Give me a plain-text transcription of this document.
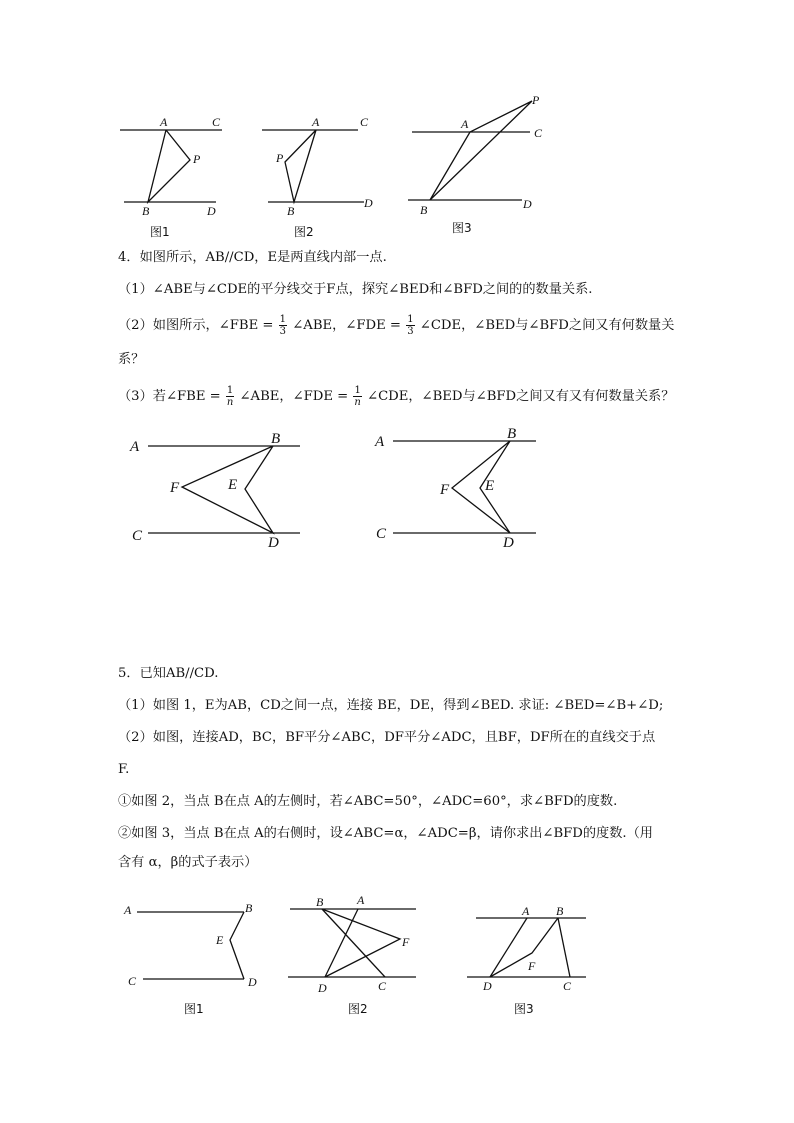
A	C
P
B	D
图1
A	C
P
B
D
图2
A
P
C
B	D
图3
A	B
F	E
C	D
A	B
F E
C
D
A	B
E
C	D
图1
B	A
F
D	C
图2
A B
F
D	C
图3
4．如图所示，AB//CD，E是两直线内部一点.
（1）∠ABE与∠CDE的平分线交于F点，探究∠BED和∠BFD之间的的数量关系.
（2）如图所示，∠FBE = $\frac{1}{3}$ ∠ABE，∠FDE = $\frac{1}{3}$ ∠CDE，∠BED与∠BFD之间又有何数量关
系？
（3）若∠FBE = $\frac{1}{n}$ ∠ABE，∠FDE = $\frac{1}{n}$ ∠CDE，∠BED与∠BFD之间又有又有何数量关系？
5．已知AB//CD.
（1）如图 1，E为AB，CD之间一点，连接 BE，DE，得到∠BED. 求证: ∠BED=∠B+∠D;
（2）如图，连接AD，BC，BF平分∠ABC，DF平分∠ADC，且BF，DF所在的直线交于点
F.
①如图 2，当点 B在点 A的左侧时，若∠ABC=50°，∠ADC=60°，求∠BFD的度数.
②如图 3，当点 B在点 A的右侧时，设∠ABC=α，∠ADC=β，请你求出∠BFD的度数.（用
含有 α，β的式子表示）
